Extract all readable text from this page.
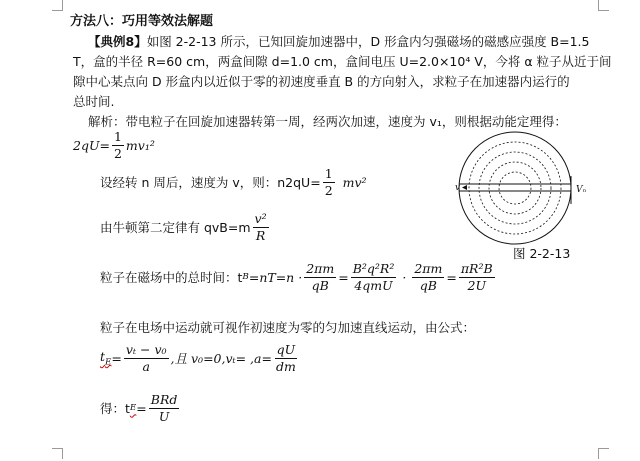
方法八：巧用等效法解题
【典例8】如图 2-2-13 所示，已知回旋加速器中，D 形盒内匀强磁场的磁感应强度 B=1.5
T，盒的半径 R=60 cm，两盒间隙 d=1.0 cm，盒间电压 U=2.0×10⁴ V，今将 α 粒子从近于间
隙中心某点向 D 形盒内以近似于零的初速度垂直 B 的方向射入，求粒子在加速器内运行的
总时间.
解析：带电粒子在回旋加速器转第一周，经两次加速，速度为 v₁，则根据动能定理得：
$2qU= \frac{1}{2} mv_1^2$
设经转 n 周后，速度为 v，则：$n2qU= \frac{1}{2} mv^2$
由牛顿第二定律有 $qvB=m \frac{\text{v²}}{R}$
粒子在磁场中的总时间：t $B =nT=n \cdot \frac{2\pi m}{qB} = \frac{\text{B²q²R²}}{\text{4qmU}} \cdot \frac{2\pi m}{qB} = \frac{\text{πR²B}}{2U}$
粒子在电场中运动就可视作初速度为零的匀加速直线运动，由公式：
$t_E = \frac{\text{vₜ − v₀}}{a}$ ,且 $v_0=0,v_t= ,a= \frac{qU}{dm}$
得：t $E = \frac{\text{BRd}}{U}$
v	Vₙ
图 2-2-13
